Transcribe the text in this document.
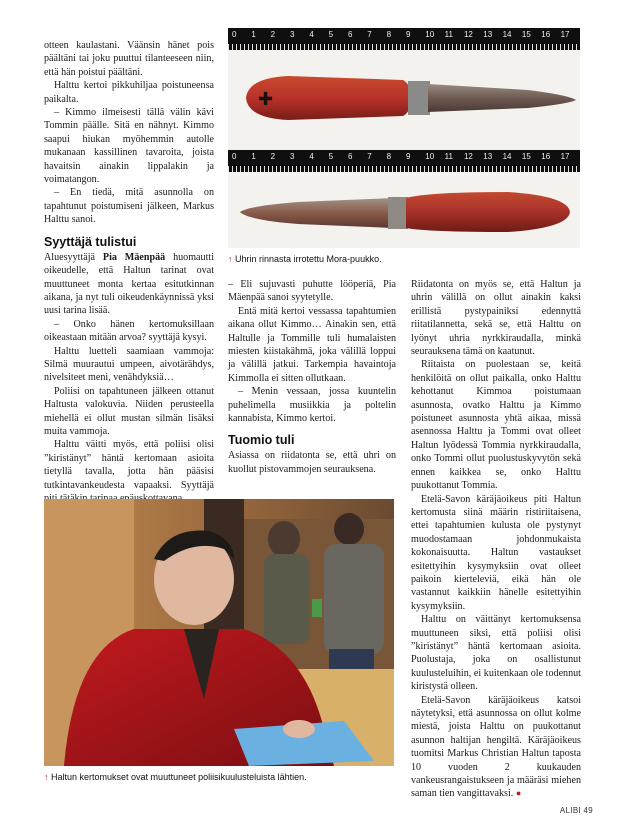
otteen kaulastani. Väänsin hänet pois päältäni tai joku puuttui tilanteeseen niin, että hän poistui päältäni.

Halttu kertoi pikkuhiljaa poistuneensa paikalta.

– Kimmo ilmeisesti tällä välin kävi Tommin päälle. Sitä en nähnyt. Kimmo saapui hiukan myöhemmin autolle mukanaan kassillinen tavaroita, joista havaitsin ainakin lippalakin ja voimatangon.

– En tiedä, mitä asunnolla on tapahtunut poistumiseni jälkeen, Markus Halttu sanoi.

Syyttäjä tulistui

Aluesyyttäjä Pia Mäenpää huomautti oikeudelle, että Haltun tarinat ovat muuttuneet monta kertaa esitutkinnan aikana, ja nyt tuli oikeudenkäynnissä yksi uusi tarina lisää.

– Onko hänen kertomuksillaan oikeastaan mitään arvoa? syyttäjä kysyi.

Halttu luetteli saamiaan vammoja: Silmä muurautui umpeen, aivotärähdys, nivelsiteet meni, venähdyksiä…

Poliisi on tapahtuneen jälkeen ottanut Haltusta valokuvia. Niiden perusteella miehellä ei ollut mustan silmän lisäksi muita vammoja.

Halttu väitti myös, että poliisi olisi ”kiristänyt” häntä kertomaan asioita tietyllä tavalla, jotta hän pääsisi tutkintavankeudesta vapaaksi. Syyttäjä

0	1	2	3	4	5	6	7	8	9	10	11	12	13	14	15	16	17
✚
0	1	2	3	4	5	6	7	8	9	10	11	12	13	14	15	16	17
↑ Uhrin rinnasta irrotettu Mora-puukko.

– Eli sujuvasti puhutte lööperiä, Pia Mäenpää sanoi syytetylle.

Entä mitä kertoi vessassa tapahtumien aikana ollut Kimmo… Ainakin sen, että Haltulle ja Tommille tuli humalaisten miesten kiistakähmä, joka välillä loppui ja välillä jatkui. Tarkempia havaintoja Kimmolla ei sitten ollutkaan.

– Menin vessaan, jossa kuuntelin puhelimella musiikkia ja poltelin kannabista, Kimmo kertoi.

Tuomio tuli

Asiassa on riidatonta se, että uhri on kuollut pistovammojen seurauksena.

Riidatonta on myös se, että Haltun ja uhrin välillä on ollut ainakin kaksi erillistä pystypainiksi edennyttä riitatilannetta, sekä se, että Halttu on lyönyt uhria nyrkkiraudalla, minkä seurauksena tämä on kaatunut.

Riitaista on puolestaan se, keitä henkilöitä on ollut paikalla, onko Halttu kehottanut Kimmoa poistumaan asunnosta, ovatko Halttu ja Kimmo poistuneet asunnosta yhtä aikaa, missä asennossa Halttu ja Tommi ovat olleet Haltun lyödessä Tommia nyrkkiraudalla, onko Tommi ollut puolustuskyvytön sekä ennen kaikkea se, onko Halttu puukottanut Tommia.

Etelä-Savon käräjäoikeus piti Haltun kertomusta siinä määrin ristiriitaisena, ettei tapahtumien kulusta ole pystynyt muodostamaan johdonmukaista kokonaisuutta. Haltun vastaukset esitettyihin kysymyksiin ovat olleet paikoin kierteleviä, eikä hän ole vastannut kaikkiin hänelle esitettyihin kysymyksiin.

Halttu on väittänyt kertomuksensa muuttuneen siksi, että poliisi olisi ”kiristänyt” häntä kertomaan asioita. Puolustaja, joka on osallistunut kuulusteluihin, ei kuitenkaan ole todennut kiristystä olleen.

Etelä-Savon käräjäoikeus katsoi näytetyksi, että asunnossa on ollut kolme miestä, joista Halttu on puukottanut asunnon haltijan hengiltä. Käräjäoikeus tuomitsi Markus Christian Haltun taposta 10 vuoden 2 kuukauden vankeusrangaistukseen ja määräsi miehen saman tien vangittavaksi. ●

↑ Haltun kertomukset ovat muuttuneet poliisikuulusteluista lähtien.
ALIBI 49
